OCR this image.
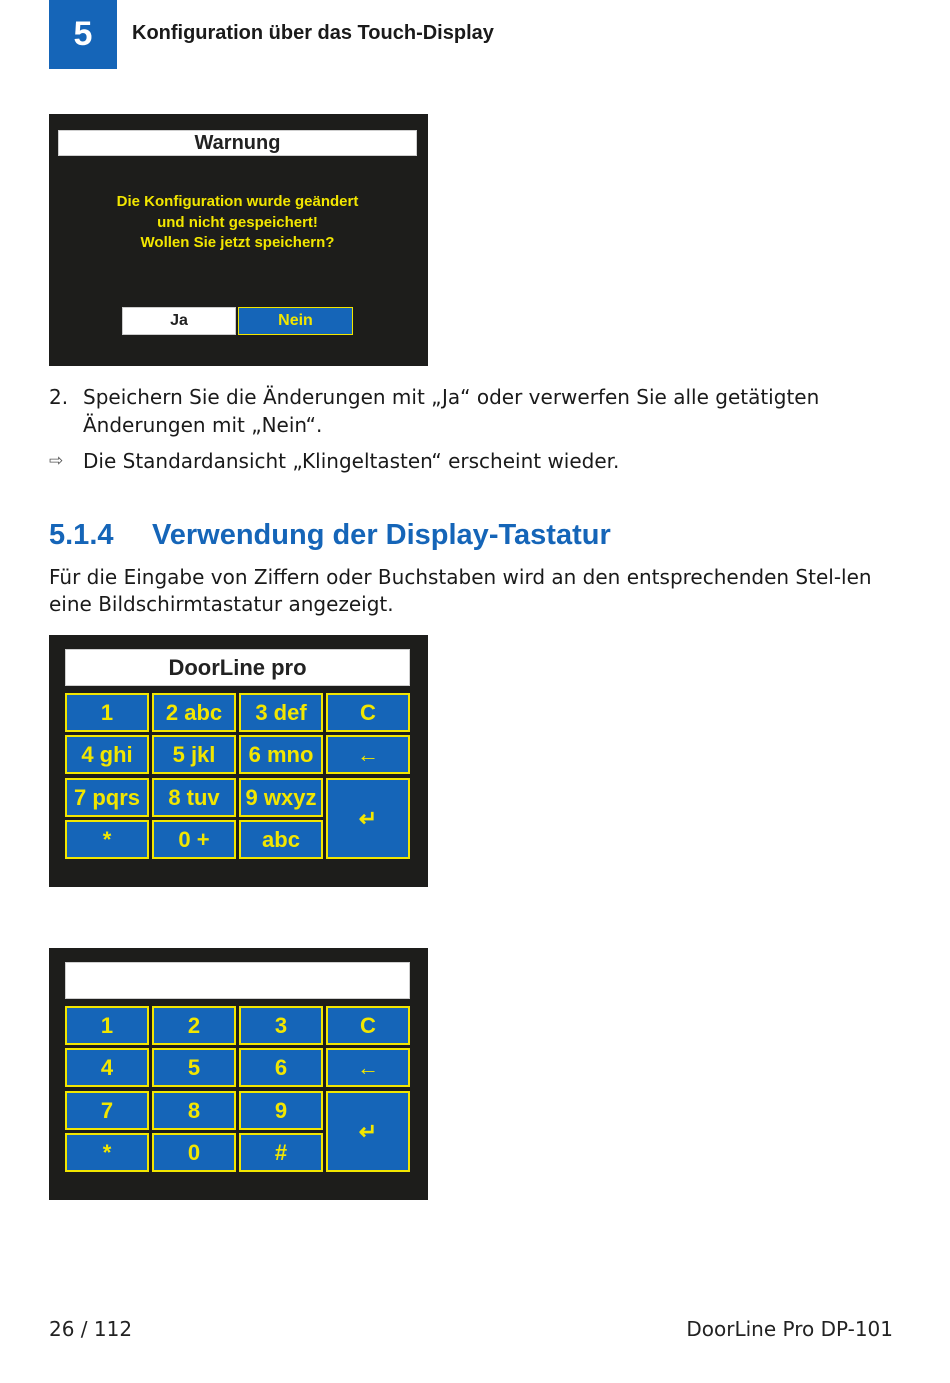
5	Konfiguration über das Touch-Display
Warnung
Die Konfiguration wurde geändert
und nicht gespeichert!
Wollen Sie jetzt speichern?
Ja	Nein
2. Speichern Sie die Änderungen mit „Ja“ oder verwerfen Sie alle getätigten Änderungen mit „Nein“.
⇨ Die Standardansicht „Klingeltasten“ erscheint wieder.
5.1.4 Verwendung der Display-Tastatur
Für die Eingabe von Ziffern oder Buchstaben wird an den entsprechenden Stel-len eine Bildschirmtastatur angezeigt.
DoorLine pro
1	2 abc	3 def	C
4 ghi	5 jkl	6 mno	←
7 pqrs	8 tuv	9 wxyz
↵
*	0 +	abc
1	2	3	C
4	5	6	←
7	8	9
↵
*	0	#
26 / 112	DoorLine Pro DP-101
